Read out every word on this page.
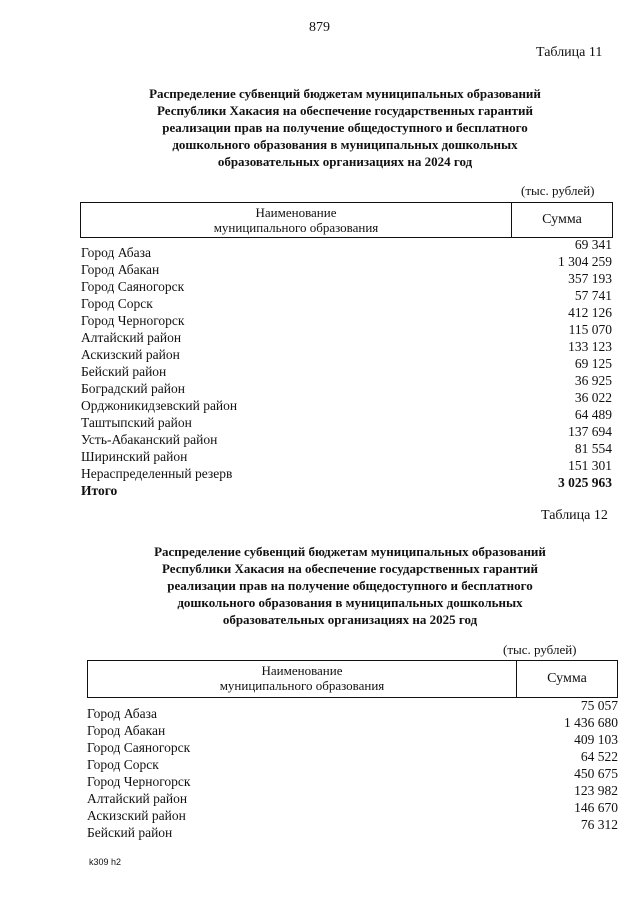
879
Таблица 11
Распределение субвенций бюджетам муниципальных образований
Республики Хакасия на обеспечение государственных гарантий
реализации прав на получение общедоступного и бесплатного
дошкольного образования в муниципальных дошкольных
образовательных организациях на 2024 год
(тыс. рублей)
Наименование
муниципального образования
Сумма
Город Абаза
69 341
Город Абакан
1 304 259
Город Саяногорск
357 193
Город Сорск
57 741
Город Черногорск
412 126
Алтайский район
115 070
Аскизский район
133 123
Бейский район
69 125
Боградский район
36 925
Орджоникидзевский район
36 022
Таштыпский район
64 489
Усть-Абаканский район
137 694
Ширинский район
81 554
Нераспределенный резерв
151 301
Итого
3 025 963
Таблица 12
Распределение субвенций бюджетам муниципальных образований
Республики Хакасия на обеспечение государственных гарантий
реализации прав на получение общедоступного и бесплатного
дошкольного образования в муниципальных дошкольных
образовательных организациях на 2025 год
(тыс. рублей)
Наименование
муниципального образования	Сумма
Город Абаза
75 057
Город Абакан
1 436 680
Город Саяногорск
409 103
Город Сорск
64 522
Город Черногорск
450 675
Алтайский район
123 982
Аскизский район
146 670
Бейский район
76 312
k309 h2
